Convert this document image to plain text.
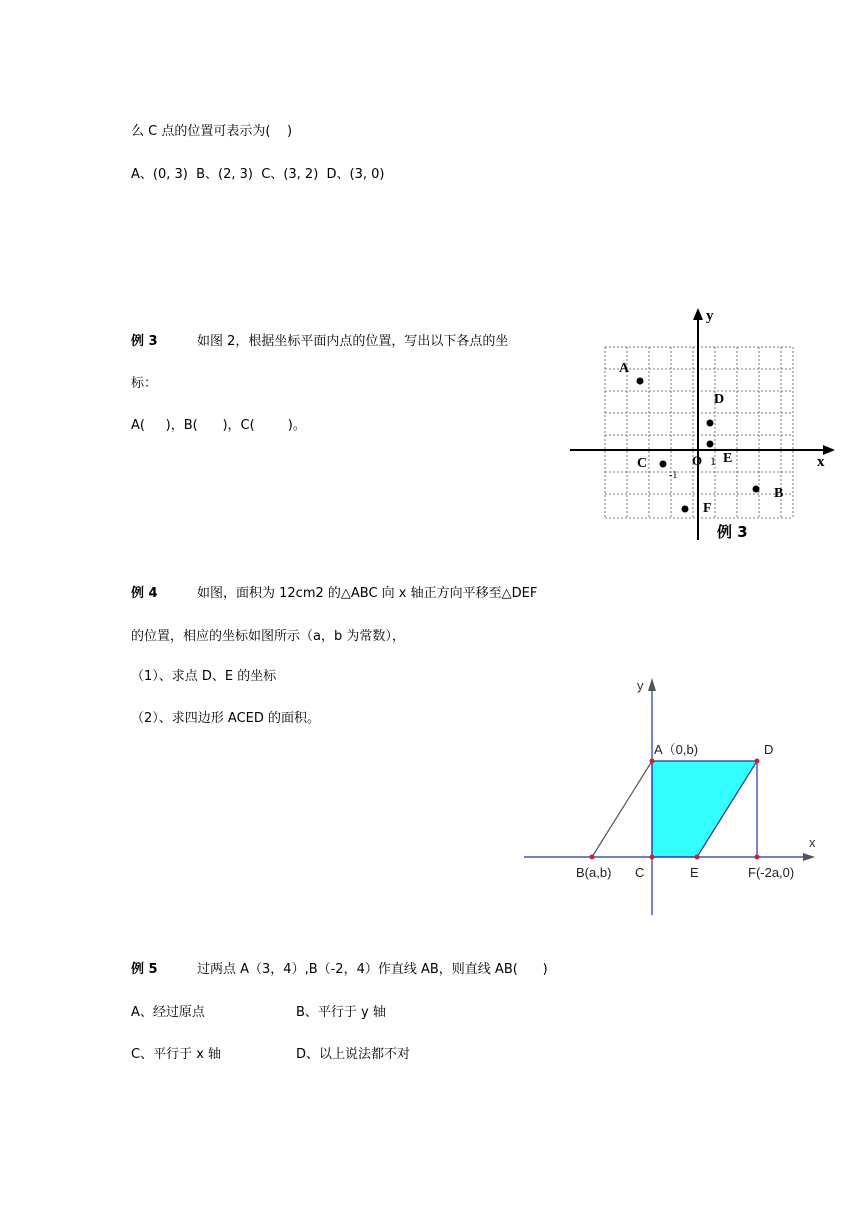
么 C 点的位置可表示为(    )
A、(0, 3)  B、(2, 3)  C、(3, 2)  D、(3, 0)
例 3	如图 2，根据坐标平面内点的位置，写出以下各点的坐
标：
A(     )，B(      )，C(        )。
x
y
O 1
-1
A
D
E
C
B
F
例 3
例 4	如图，面积为 12cm2 的△ABC 向 x 轴正方向平移至△DEF
的位置，相应的坐标如图所示（a，b 为常数），
（1）、求点 D、E 的坐标
（2）、求四边形 ACED 的面积。
x
y
A（0,b)	D
B(a,b) C	E	F(-2a,0)
例 5	过两点 A（3，4）,B（-2，4）作直线 AB，则直线 AB(      )
A、经过原点	B、平行于 y 轴
C、平行于 x 轴	D、以上说法都不对
